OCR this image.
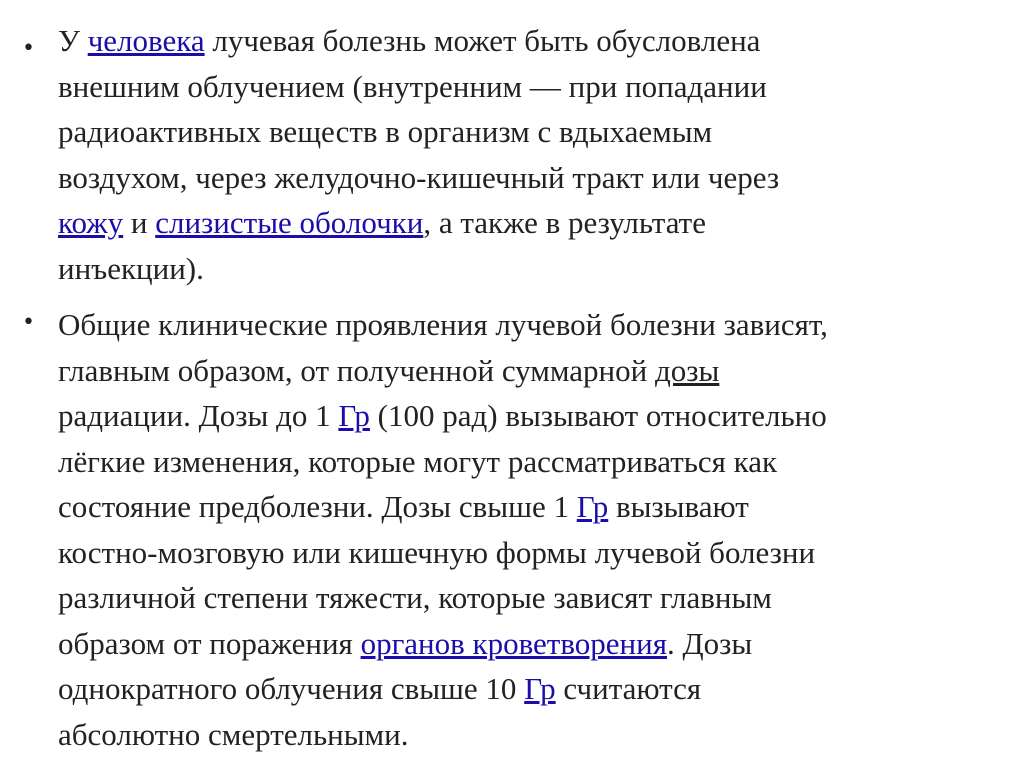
• У человека лучевая болезнь может быть обусловлена
внешним облучением (внутренним — при попадании
радиоактивных веществ в организм с вдыхаемым
воздухом, через желудочно-кишечный тракт или через
кожу и слизистые оболочки, а также в результате
инъекции).
• Общие клинические проявления лучевой болезни зависят,
главным образом, от полученной суммарной дозы
радиации. Дозы до 1 Гр (100 рад) вызывают относительно
лёгкие изменения, которые могут рассматриваться как
состояние предболезни. Дозы свыше 1 Гр вызывают
костно-мозговую или кишечную формы лучевой болезни
различной степени тяжести, которые зависят главным
образом от поражения органов кроветворения. Дозы
однократного облучения свыше 10 Гр считаются
абсолютно смертельными.
